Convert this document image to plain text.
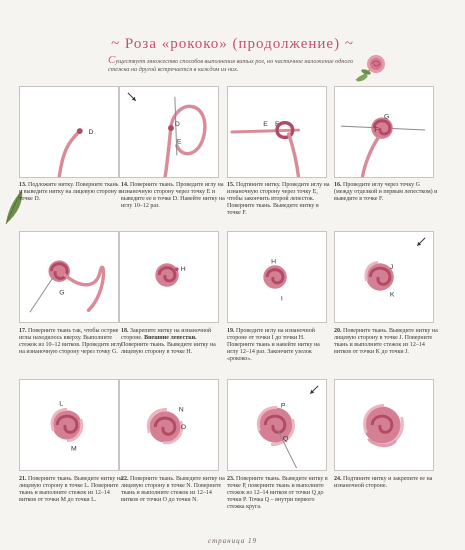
~ Роза «рококо» (продолжение) ~
Существует множество способов выполнения витых роз, но частичное наложение одного стежка на другой встречается в каждом из них.
D
D
E
E F
G
F
13. Подложите нитку. Поверните ткань и выведите нитку на лицевую сторону в точке D.
14. Поверните ткань. Проведите иглу на изнаночную сторону через точку E и выведите ее в точке D. Навейте нитку на иглу 10–12 раз.
15. Подтяните нитку. Проведите иглу на изнаночную сторону через точку E, чтобы закончить второй лепесток. Поверните ткань. Выведите нитку в точке F.
16. Проведите иглу через точку G (между отделкой и первым лепестком) и выведите в точке F.
G
H
H
I
J
K
17. Поверните ткань так, чтобы острие иглы находилось вверху. Выполните стежок из 10–12 витков. Проведите иглу на изнаночную сторону через точку G.
18. Закрепите нитку на изнаночной стороне. Внешние лепестки. Поверните ткань. Выведите нитку на лицевую сторону в точке H.
19. Проведите иглу на изнаночной стороне от точки I до точки H. Поверните ткань и навейте нитку на иглу 12–14 раз. Закончите узелок «рококо».
20. Поверните ткань. Выведите нитку на лицевую сторону в точке J. Поверните ткань и выполните стежок из 12–14 витков от точки K до точки J.
L
M
N
O
P
Q
21. Поверните ткань. Выведите нитку на лицевую сторону в точке L. Поверните ткань и выполните стежок из 12–14 витков от точки M до точки L.
22. Поверните ткань. Выведите нитку на лицевую сторону в точке N. Поверните ткань и выполните стежок из 12–14 витков от точки O до точки N.
23. Поверните ткань. Выведите нитку в точке P, поверните ткань и выполните стежок из 12–14 витков от точки Q до точки P. Точка Q – внутри первого стежка круга.
24. Подтяните нитку и закрепите ее на изнаночной стороне.
страница 19
